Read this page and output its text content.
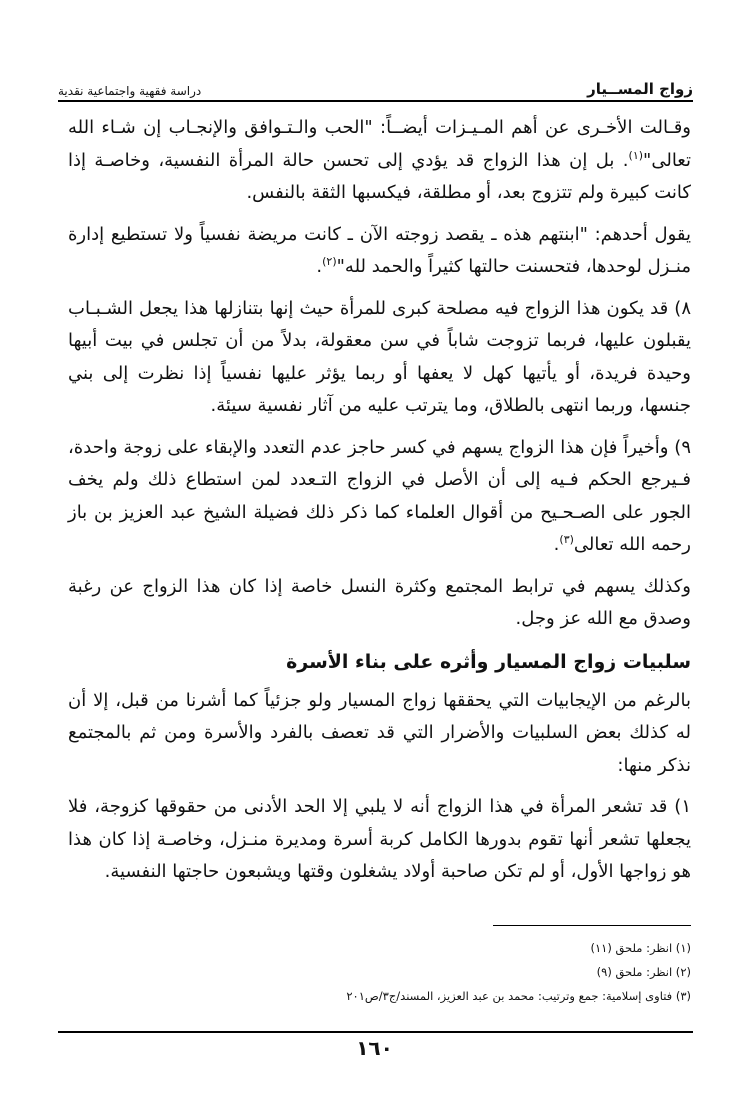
زواج المســيار
دراسة فقهية واجتماعية نقدية

وقـالت الأخـرى عن أهم المـيـزات أيضــاً: "الحب والـتـوافق والإنجـاب إن شـاء الله تعالى"$^{(١)}$. بل إن هذا الزواج قد يؤدي إلى تحسن حالة المرأة النفسية، وخاصـة إذا كانت كبيرة ولم تتزوج بعد، أو مطلقة، فيكسبها الثقة بالنفس.

يقول أحدهم: "ابنتهم هذه ـ يقصد زوجته الآن ـ كانت مريضة نفسياً ولا تستطيع إدارة منـزل لوحدها، فتحسنت حالتها كثيراً والحمد لله"$^{(٢)}$.

٨) قد يكون هذا الزواج فيه مصلحة كبرى للمرأة حيث إنها بتنازلها هذا يجعل الشـبـاب يقبلون عليها، فربما تزوجت شاباً في سن معقولة، بدلاً من أن تجلس في بيت أبيها وحيدة فريدة، أو يأتيها كهل لا يعفها أو ربما يؤثر عليها نفسياً إذا نظرت إلى بني جنسها، وربما انتهى بالطلاق، وما يترتب عليه من آثار نفسية سيئة.

٩) وأخيراً فإن هذا الزواج يسهم في كسر حاجز عدم التعدد والإبقاء على زوجة واحدة، فـيرجع الحكم فـيه إلى أن الأصل في الزواج التـعدد لمن استطاع ذلك ولم يخف الجور على الصـحـيح من أقوال العلماء كما ذكر ذلك فضيلة الشيخ عبد العزيز بن باز رحمه الله تعالى$^{(٣)}$.

وكذلك يسهم في ترابط المجتمع وكثرة النسل خاصة إذا كان هذا الزواج عن رغبة وصدق مع الله عز وجل.

سلبيات زواج المسيار وأثره على بناء الأسرة

بالرغم من الإيجابيات التي يحققها زواج المسيار ولو جزئياً كما أشرنا من قبل، إلا أن له كذلك بعض السلبيات والأضرار التي قد تعصف بالفرد والأسرة ومن ثم بالمجتمع نذكر منها:

١) قد تشعر المرأة في هذا الزواج أنه لا يلبي إلا الحد الأدنى من حقوقها كزوجة، فلا يجعلها تشعر أنها تقوم بدورها الكامل كربة أسرة ومديرة منـزل، وخاصـة إذا كان هذا هو زواجها الأول، أو لم تكن صاحبة أولاد يشغلون وقتها ويشبعون حاجتها النفسية.

(١) انظر: ملحق (١١)
(٢) انظر: ملحق (٩)
(٣) فتاوى إسلامية: جمع وترتيب: محمد بن عبد العزيز، المسند/ج٣/ص٢٠١
١٦٠
